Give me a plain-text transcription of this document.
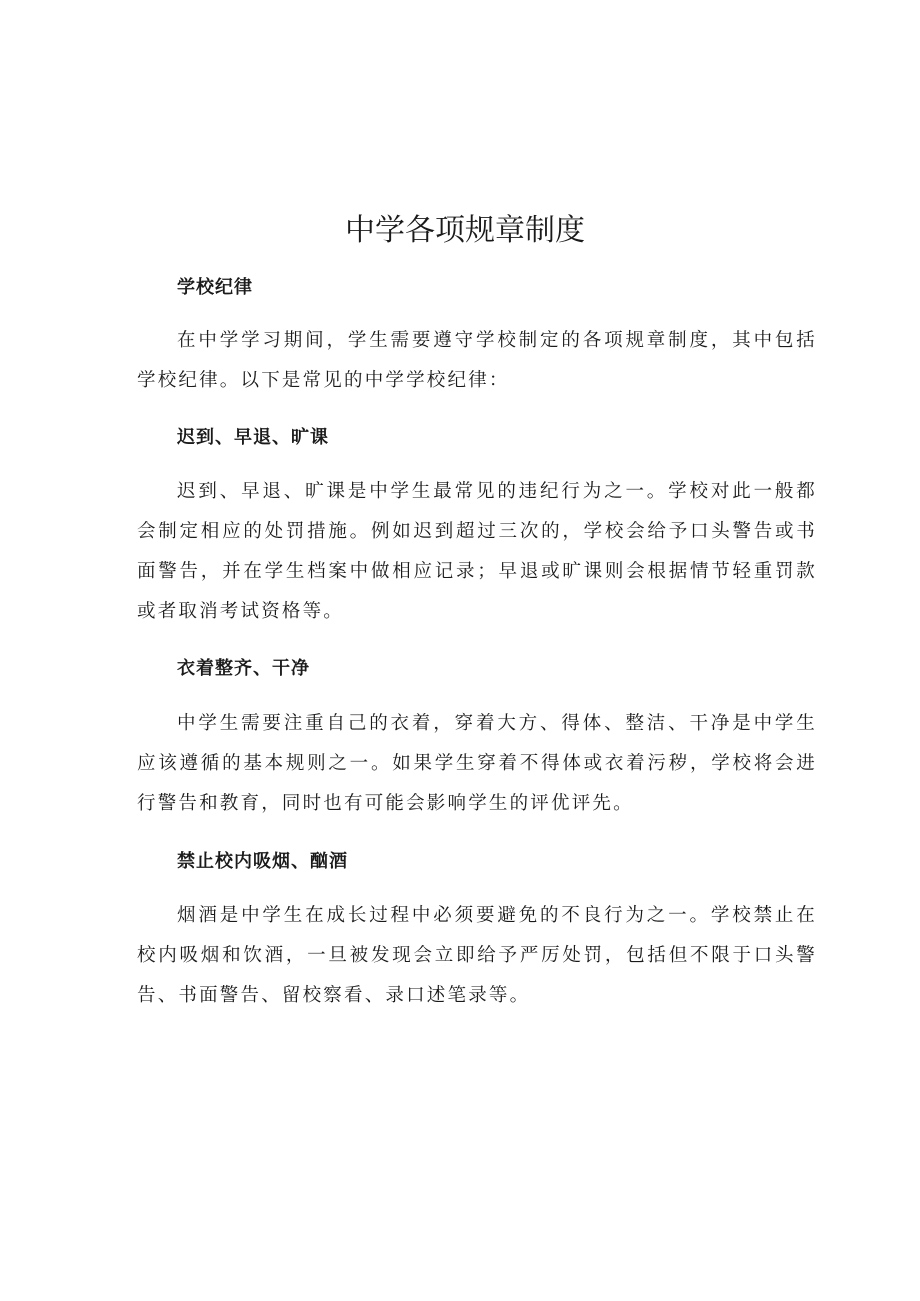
中学各项规章制度
学校纪律

在中学学习期间，学生需要遵守学校制定的各项规章制度，其中包括学校纪律。以下是常见的中学学校纪律：

迟到、早退、旷课

迟到、早退、旷课是中学生最常见的违纪行为之一。学校对此一般都会制定相应的处罚措施。例如迟到超过三次的，学校会给予口头警告或书面警告，并在学生档案中做相应记录；早退或旷课则会根据情节轻重罚款或者取消考试资格等。

衣着整齐、干净

中学生需要注重自己的衣着，穿着大方、得体、整洁、干净是中学生应该遵循的基本规则之一。如果学生穿着不得体或衣着污秽，学校将会进行警告和教育，同时也有可能会影响学生的评优评先。

禁止校内吸烟、酗酒

烟酒是中学生在成长过程中必须要避免的不良行为之一。学校禁止在校内吸烟和饮酒，一旦被发现会立即给予严厉处罚，包括但不限于口头警告、书面警告、留校察看、录口述笔录等。
